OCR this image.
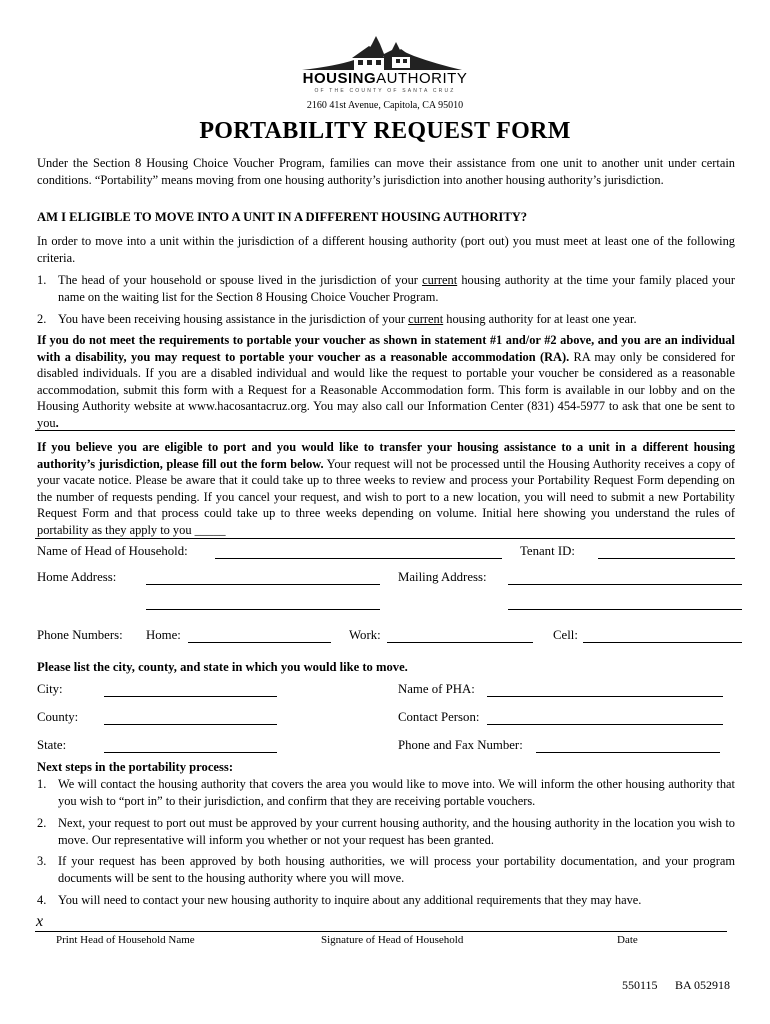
HOUSINGAUTHORITY
OF THE COUNTY OF SANTA CRUZ
2160 41st Avenue, Capitola, CA 95010
PORTABILITY REQUEST FORM
Under the Section 8 Housing Choice Voucher Program, families can move their assistance from one unit to another unit under certain conditions. “Portability” means moving from one housing authority’s jurisdiction into another housing authority’s jurisdiction.
AM I ELIGIBLE TO MOVE INTO A UNIT IN A DIFFERENT HOUSING AUTHORITY?
In order to move into a unit within the jurisdiction of a different housing authority (port out) you must meet at least one of the following criteria.
1. The head of your household or spouse lived in the jurisdiction of your current housing authority at the time your family placed your name on the waiting list for the Section 8 Housing Choice Voucher Program.
2. You have been receiving housing assistance in the jurisdiction of your current housing authority for at least one year.
If you do not meet the requirements to portable your voucher as shown in statement #1 and/or #2 above, and you are an individual with a disability, you may request to portable your voucher as a reasonable accommodation (RA). RA may only be considered for disabled individuals. If you are a disabled individual and would like the request to portable your voucher be considered as a reasonable accommodation, submit this form with a Request for a Reasonable Accommodation form. This form is available in our lobby and on the Housing Authority website at www.hacosantacruz.org. You may also call our Information Center (831) 454-5977 to ask that one be sent to you.
If you believe you are eligible to port and you would like to transfer your housing assistance to a unit in a different housing authority’s jurisdiction, please fill out the form below. Your request will not be processed until the Housing Authority receives a copy of your vacate notice. Please be aware that it could take up to three weeks to review and process your Portability Request Form depending on the number of requests pending. If you cancel your request, and wish to port to a new location, you will need to submit a new Portability Request Form and that process could take up to three weeks depending on volume. Initial here showing you understand the rules of portability as they apply to you _____
Name of Head of Household:	Tenant ID:
Home Address:	Mailing Address:
Phone Numbers: Home:	Work:	Cell:
Please list the city, county, and state in which you would like to move.
City:	Name of PHA:
County:	Contact Person:
State:	Phone and Fax Number:
Next steps in the portability process:
1. We will contact the housing authority that covers the area you would like to move into. We will inform the other housing authority that you wish to “port in” to their jurisdiction, and confirm that they are receiving portable vouchers.
2. Next, your request to port out must be approved by your current housing authority, and the housing authority in the location you wish to move. Our representative will inform you whether or not your request has been granted.
3. If your request has been approved by both housing authorities, we will process your portability documentation, and your program documents will be sent to the housing authority where you will move.
4. You will need to contact your new housing authority to inquire about any additional requirements that they may have.
x
Print Head of Household Name	Signature of Head of Household	Date
550115 BA 052918
